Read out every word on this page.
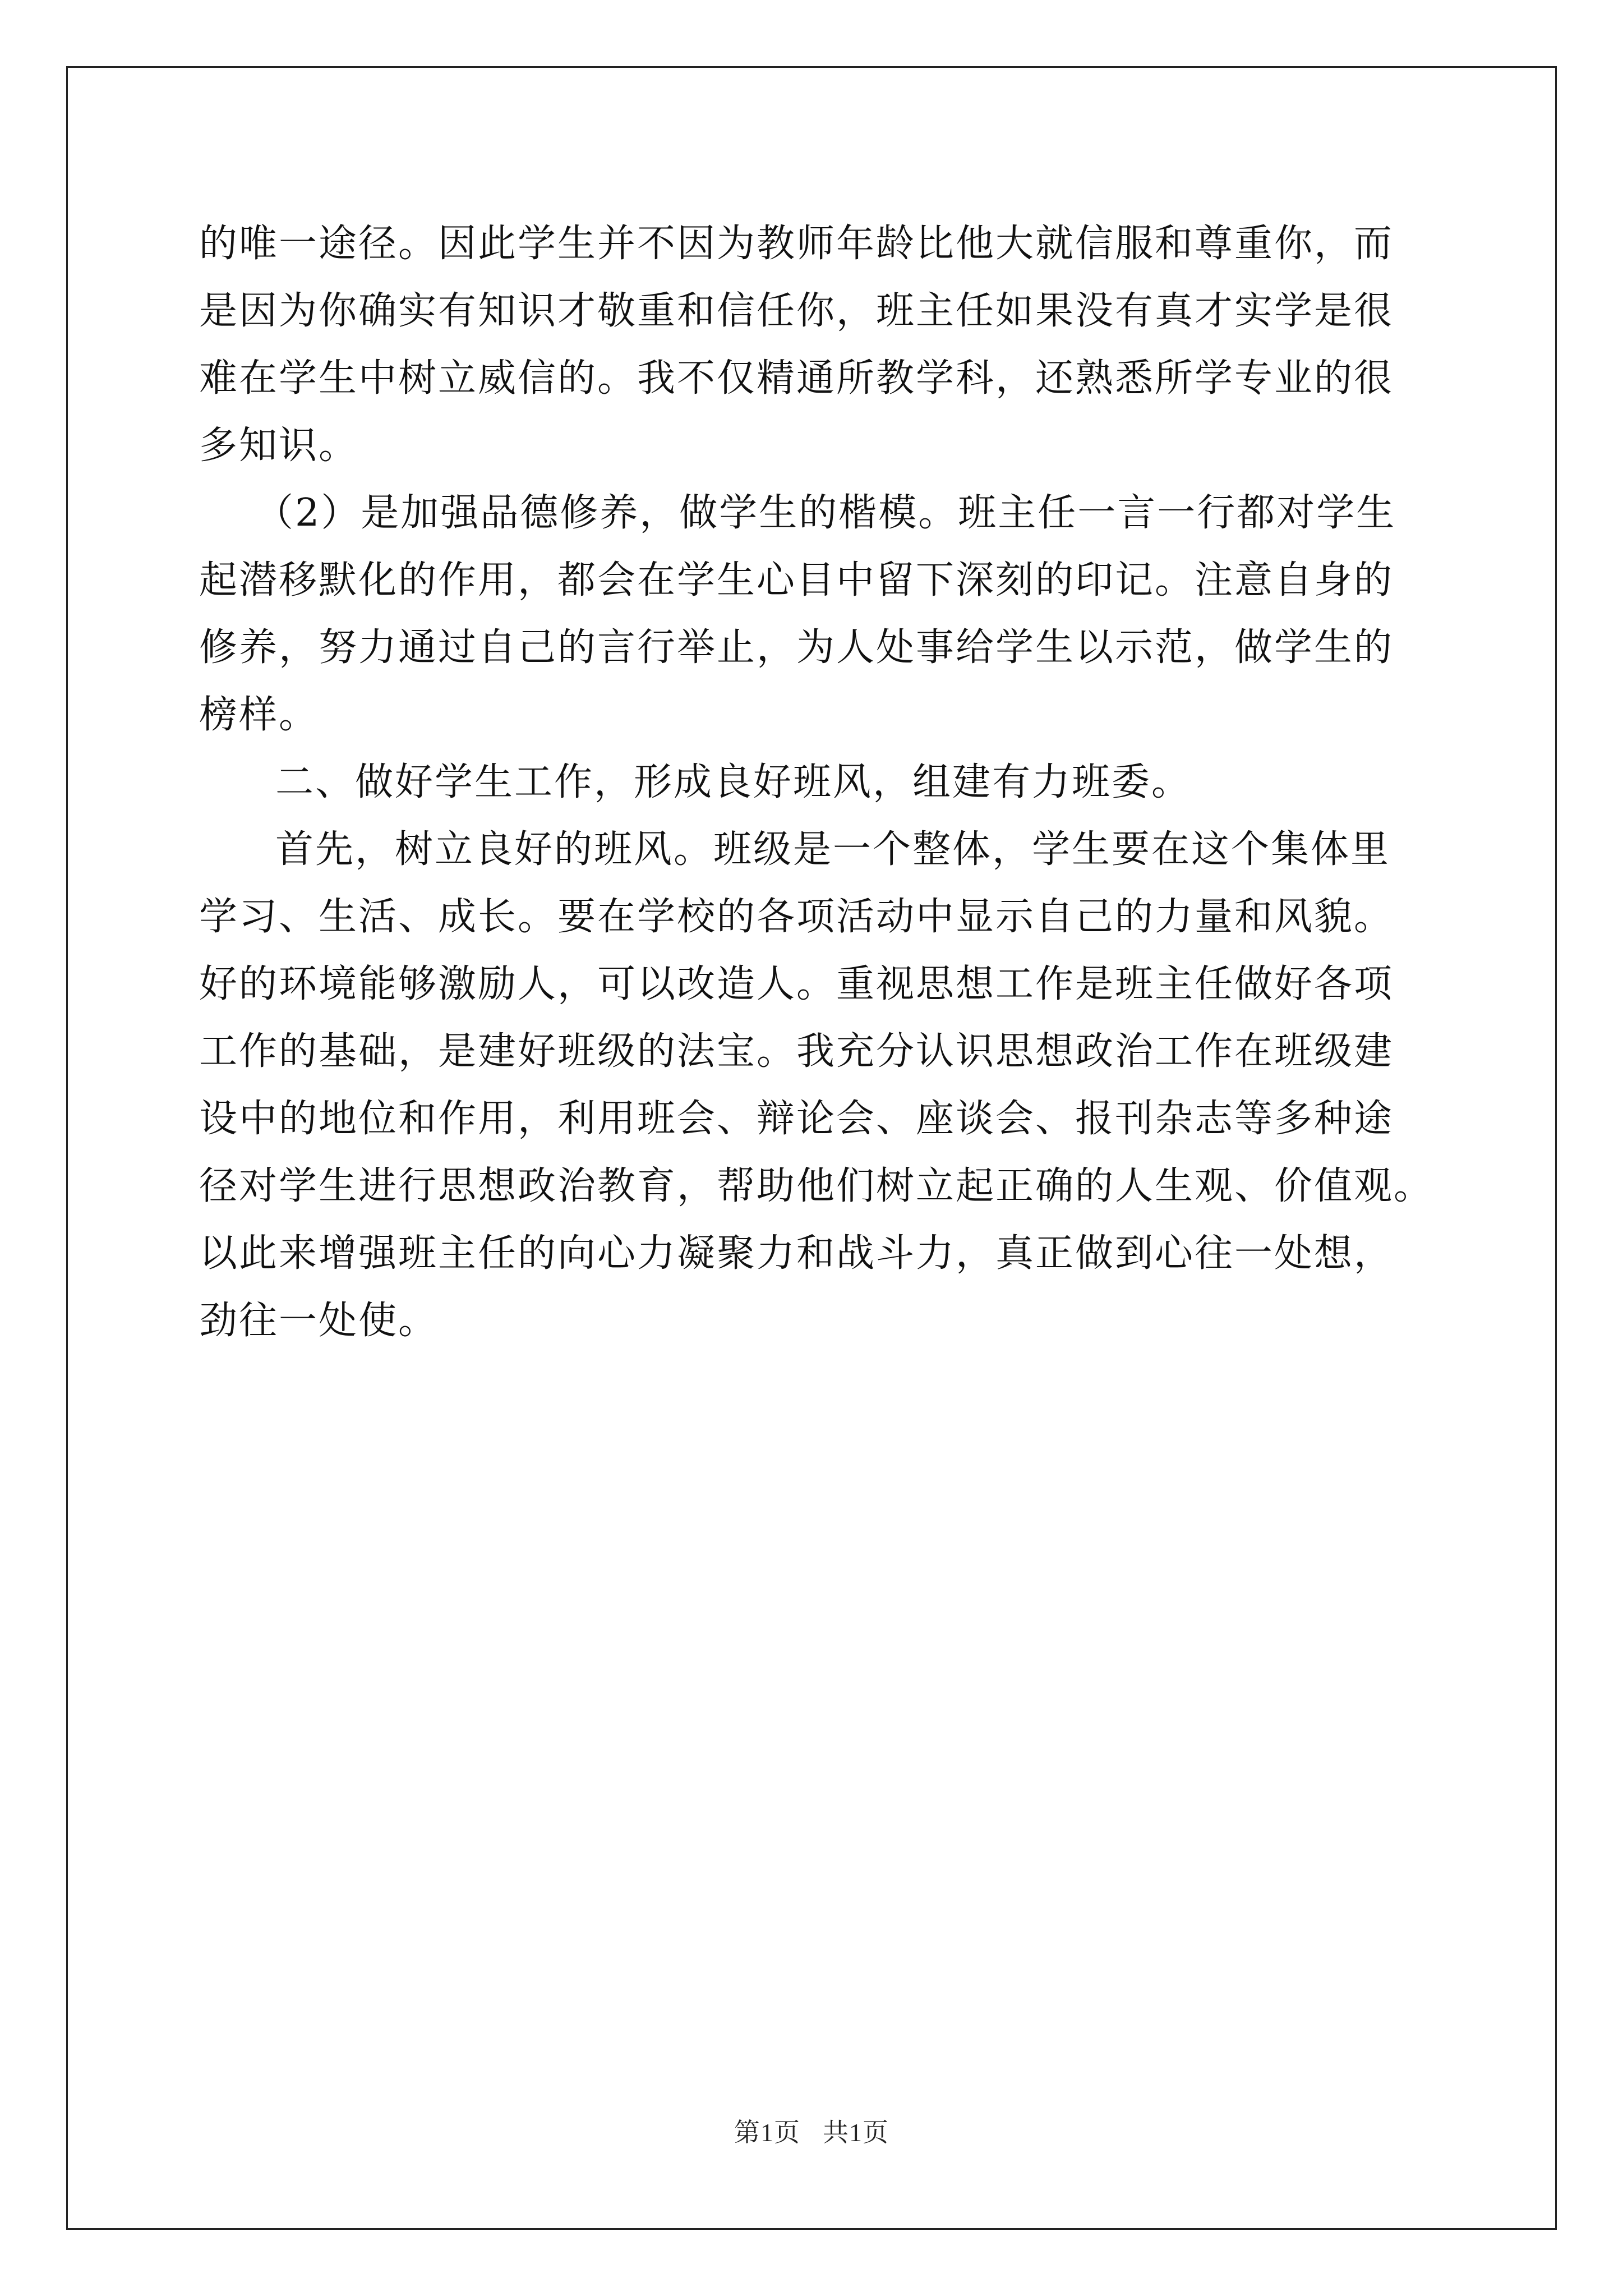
的唯一途径。因此学生并不因为教师年龄比他大就信服和尊重你，而
是因为你确实有知识才敬重和信任你，班主任如果没有真才实学是很
难在学生中树立威信的。我不仅精通所教学科，还熟悉所学专业的很
多知识。
（2）是加强品德修养，做学生的楷模。班主任一言一行都对学生
起潜移默化的作用，都会在学生心目中留下深刻的印记。注意自身的
修养，努力通过自己的言行举止，为人处事给学生以示范，做学生的
榜样。
二、做好学生工作，形成良好班风，组建有力班委。
首先，树立良好的班风。班级是一个整体，学生要在这个集体里
学习、生活、成长。要在学校的各项活动中显示自己的力量和风貌。
好的环境能够激励人，可以改造人。重视思想工作是班主任做好各项
工作的基础，是建好班级的法宝。我充分认识思想政治工作在班级建
设中的地位和作用，利用班会、辩论会、座谈会、报刊杂志等多种途
径对学生进行思想政治教育，帮助他们树立起正确的人生观、价值观。
以此来增强班主任的向心力凝聚力和战斗力，真正做到心往一处想，
劲往一处使。
第1页 共1页
